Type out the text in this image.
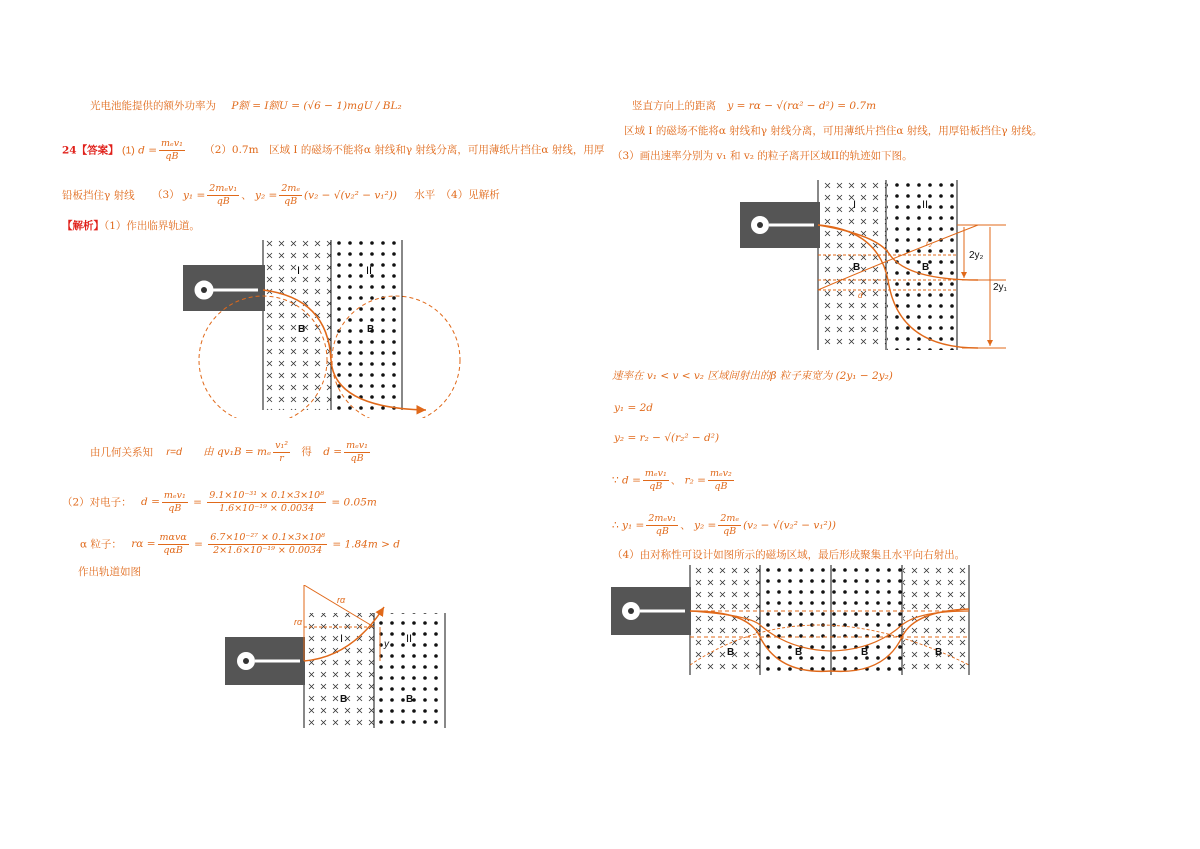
光电池能提供的额外功率为 P额 = I额U = (√6 − 1)mgU / BL₂
24【答案】 (1) $d = \frac{\text{mₑv₁}}{qB} (2)0.7m$　区域 I 的磁场不能将α 射线和γ 射线分离，可用薄纸片挡住α 射线，用厚
铅板挡住γ 射线 （3） $y_1 = \frac{\text{2mₑv₁}}{qB}$ 、 $y_2 = \frac{\text{2mₑ}}{qB} (v_2 - √(v_2^2 - v_1^2))$ 水平　（4）见解析
【解析】（1）作出临界轨道。
I	II
B	B
由几何关系知 r=d 由 qv₁B = mₑ $\frac{\text{v₁²}}{r}$ 得 $d = \frac{\text{mₑv₁}}{qB}$
（2）对电子： $d = \frac{\text{mₑv₁}}{qB} = \frac{\text{9.1×10⁻³¹ × 0.1×3×10⁸}}{\text{1.6×10⁻¹⁹ × 0.0034}} = 0.05m$
α 粒子： $r\alpha = \frac{\text{mαvα}}{\text{qαB}} = \frac{\text{6.7×10⁻²⁷ × 0.1×3×10⁸}}{\text{2×1.6×10⁻¹⁹ × 0.0034}} = 1.84m > d$
作出轨道如图
rα
rα
y
I	II
B	B
竖直方向上的距离 y = rα − √(rα² − d²) = 0.7m
区域 I 的磁场不能将α 射线和γ 射线分离，可用薄纸片挡住α 射线，用厚铅板挡住γ 射线。
（3）画出速率分别为 v₁ 和 v₂ 的粒子离开区域II的轨迹如下图。
2y₂
2y₁
I	II
B	B
r₂
d
速率在 v₁ < v < v₂ 区域间射出的β 粒子束宽为 (2y₁ − 2y₂)
y₁ = 2d
y₂ = r₂ − √(r₂² − d²)
∵ $d = \frac{\text{mₑv₁}}{qB}$ 、 $r_2 = \frac{\text{mₑv₂}}{qB}$
∴ $y_1 = \frac{\text{2mₑv₁}}{qB}$ 、 $y_2 = \frac{\text{2mₑ}}{qB} (v_2 - √(v_2^2 - v_1^2))$
（4）由对称性可设计如图所示的磁场区域，最后形成聚集且水平向右射出。
B	B	B	B
